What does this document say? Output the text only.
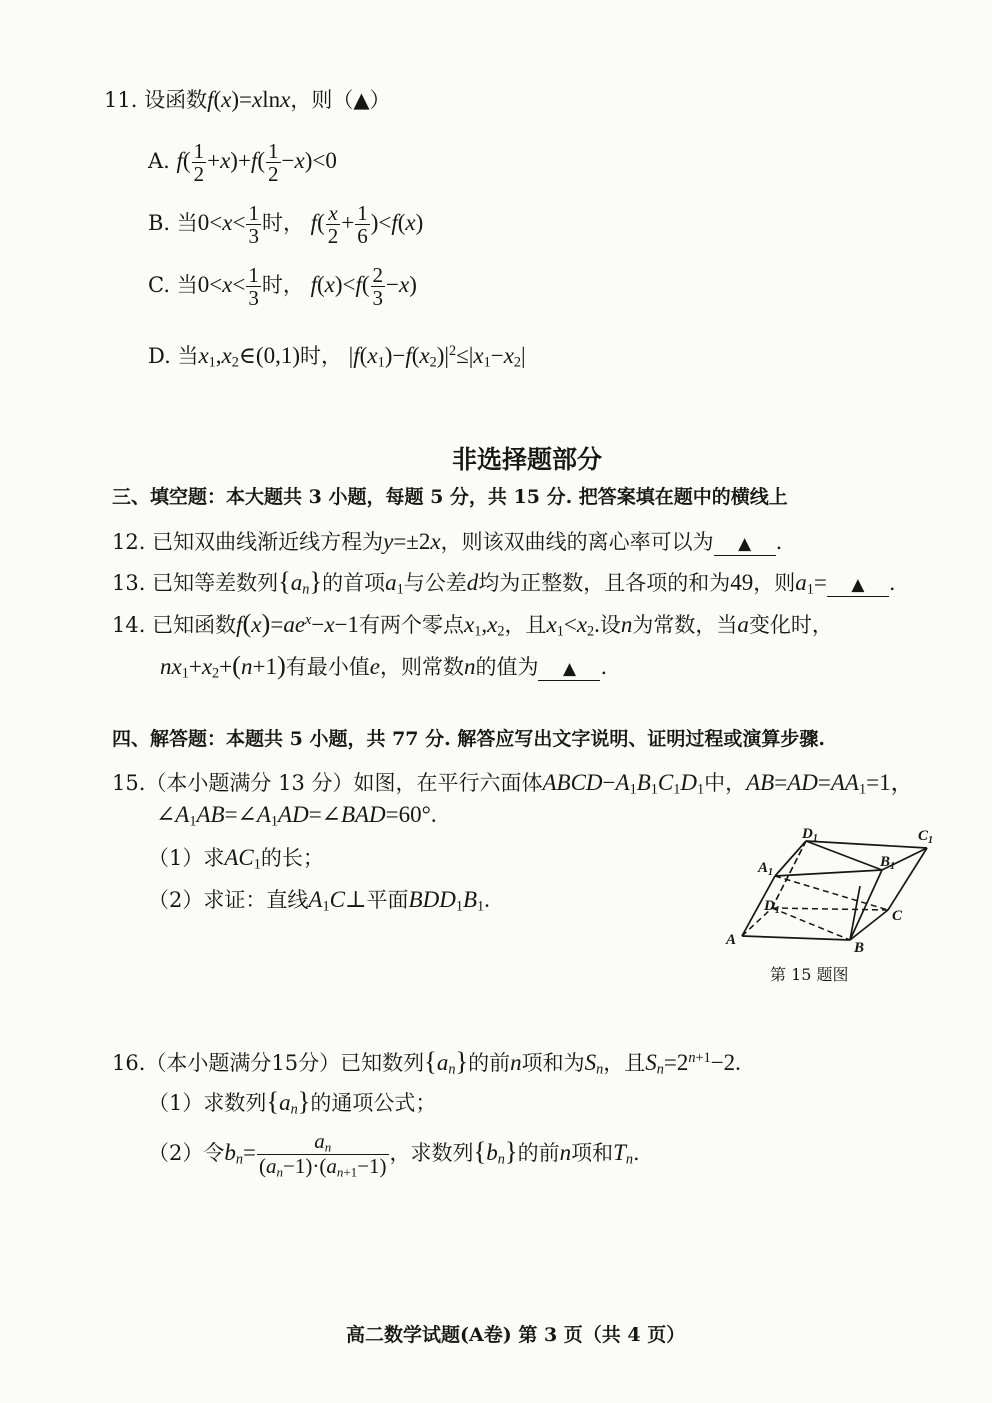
11. 设函数f(x)=xlnx，则（▲）
A. $f( \frac{1}{2} +x)+f( \frac{1}{2} -x)<0$
B. 当$0<x< \frac{1}{3}$ 时， $f( \frac{x}{2} + \frac{1}{6} )<f(x)$
C. 当$0<x< \frac{1}{3}$ 时， $f(x)<f( \frac{2}{3} -x)$
D. 当$x_1,x_2\in(0,1)$时， $|f(x_1)-f(x_2)|^2\le|x_1-x_2|$
非选择题部分
三、填空题：本大题共 3 小题，每题 5 分，共 15 分. 把答案填在题中的横线上
12. 已知双曲线渐近线方程为y=±2x，则该双曲线的离心率可以为 ▲ .
13. 已知等差数列$\{a_n\}$的首项$a_1$与公差d均为正整数，且各项的和为49，则$a_1=$ ▲ .
14. 已知函数$f(x)=ae^x-x-1$有两个零点$x_1,x_2$，且$x_1<x_2$.设n为常数，当a变化时，
$nx_1+x_2+(n+1)$有最小值e，则常数n的值为 ▲ .
四、解答题：本题共 5 小题，共 77 分. 解答应写出文字说明、证明过程或演算步骤.
15.（本小题满分 13 分）如图，在平行六面体$ABCD-A_1B_1C_1D_1$中，$AB=AD=AA_1=1$，
$\angle A_1AB=\angle A_1AD=\angle BAD=60^\circ$.
（1）求$AC_1$的长；
（2）求证：直线$A_1C\perp$平面$BDD_1B_1$.
$D_1$	$C_1$
$A_1$
$B_1$
$D_1$	C
A	B
第 15 题图
16.（本小题满分15分）已知数列$\{a_n\}$的前n项和为$S_n$，且$S_n=2^{n+1}-2$.
（1）求数列$\{a_n\}$的通项公式；
（2）令$b_n= \frac{a_n}{(a_n-1)\cdot(a_{n+1}-1)}$ ，求数列$\{b_n\}$的前n项和$T_n$.
高二数学试题(A卷) 第 3 页（共 4 页）
